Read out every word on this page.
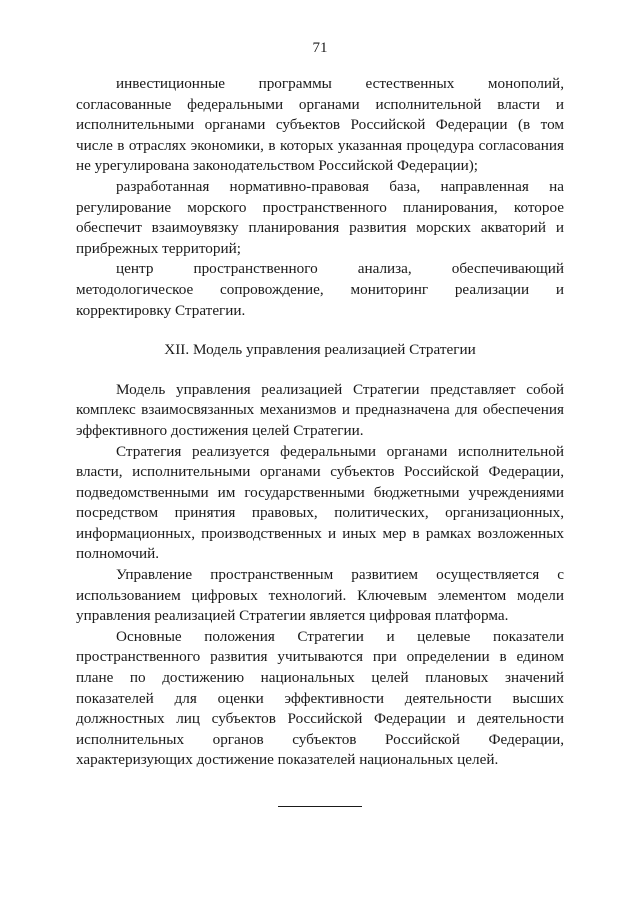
71

инвестиционные программы естественных монополий, согласованные федеральными органами исполнительной власти и исполнительными органами субъектов Российской Федерации (в том числе в отраслях экономики, в которых указанная процедура согласования не урегулирована законодательством Российской Федерации);

разработанная нормативно-правовая база, направленная на регулирование морского пространственного планирования, которое обеспечит взаимоувязку планирования развития морских акваторий и прибрежных территорий;

центр пространственного анализа, обеспечивающий методологическое сопровождение, мониторинг реализации и корректировку Стратегии.

XII. Модель управления реализацией Стратегии

Модель управления реализацией Стратегии представляет собой комплекс взаимосвязанных механизмов и предназначена для обеспечения эффективного достижения целей Стратегии.

Стратегия реализуется федеральными органами исполнительной власти, исполнительными органами субъектов Российской Федерации, подведомственными им государственными бюджетными учреждениями посредством принятия правовых, политических, организационных, информационных, производственных и иных мер в рамках возложенных полномочий.

Управление пространственным развитием осуществляется с использованием цифровых технологий. Ключевым элементом модели управления реализацией Стратегии является цифровая платформа.

Основные положения Стратегии и целевые показатели пространственного развития учитываются при определении в едином плане по достижению национальных целей плановых значений показателей для оценки эффективности деятельности высших должностных лиц субъектов Российской Федерации и деятельности исполнительных органов субъектов Российской Федерации, характеризующих достижение показателей национальных целей.
